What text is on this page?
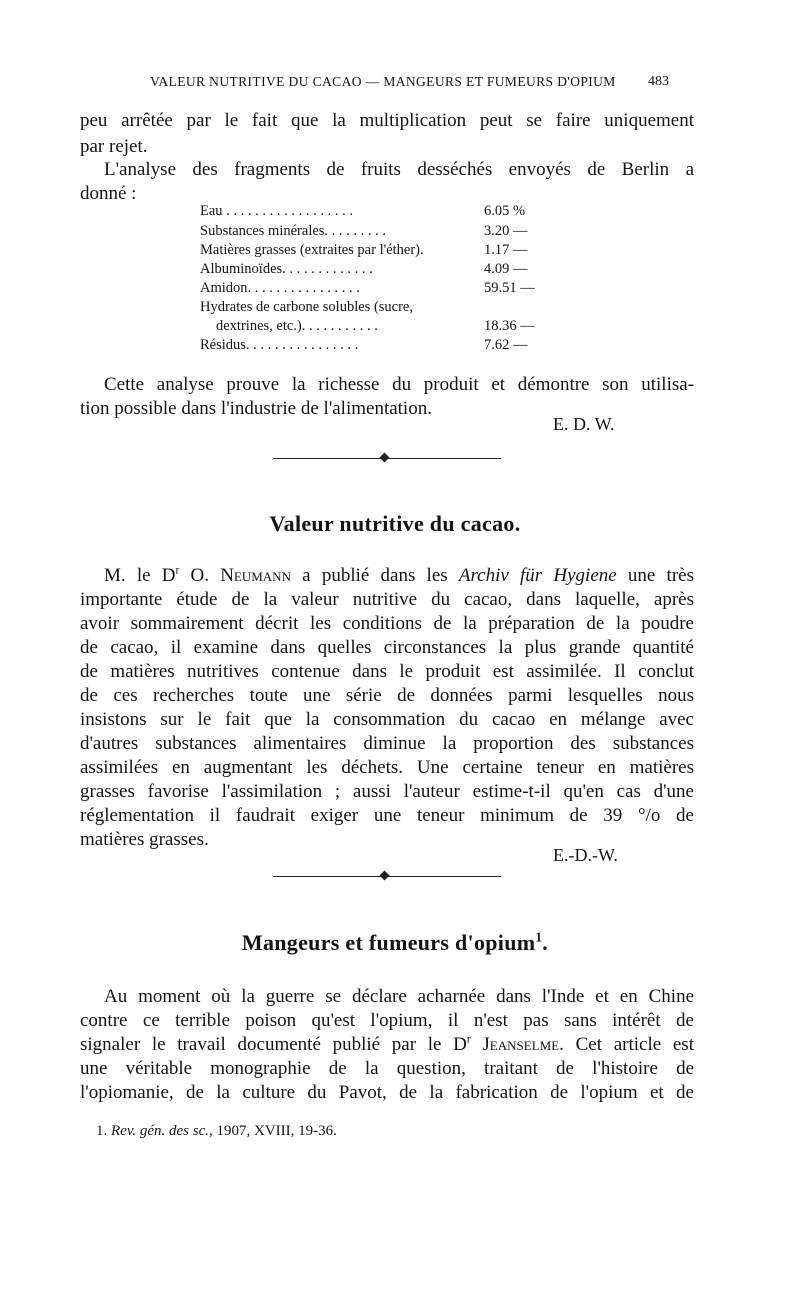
VALEUR NUTRITIVE DU CACAO — MANGEURS ET FUMEURS D'OPIUM 483
peu arrêtée par le fait que la multiplication peut se faire uniquement
par rejet.
L'analyse des fragments de fruits desséchés envoyés de Berlin a
donné :
Eau . . . . . . . . . . . . . . . . . .	6.05 %
Substances minérales. . . . . . . . .	3.20 —
Matières grasses (extraites par l'éther).	1.17 —
Albuminoïdes. . . . . . . . . . . . .	4.09 —
Amidon. . . . . . . . . . . . . . . .	59.51 —
Hydrates de carbone solubles (sucre,
dextrines, etc.). . . . . . . . . . .	18.36 —
Résidus. . . . . . . . . . . . . . . .	7.62 —
Cette analyse prouve la richesse du produit et démontre son utilisa-
tion possible dans l'industrie de l'alimentation.
E. D. W.
Valeur nutritive du cacao.
M. le $D^r$ O. Neumann a publié dans les Archiv für Hygiene une très
importante étude de la valeur nutritive du cacao, dans laquelle, après
avoir sommairement décrit les conditions de la préparation de la poudre
de cacao, il examine dans quelles circonstances la plus grande quantité
de matières nutritives contenue dans le produit est assimilée. Il conclut
de ces recherches toute une série de données parmi lesquelles nous
insistons sur le fait que la consommation du cacao en mélange avec
d'autres substances alimentaires diminue la proportion des substances
assimilées en augmentant les déchets. Une certaine teneur en matières
grasses favorise l'assimilation ; aussi l'auteur estime-t-il qu'en cas d'une
réglementation il faudrait exiger une teneur minimum de 39 °/o de
matières grasses.
E.-D.-W.
Mangeurs et fumeurs d'opium$^1$.
Au moment où la guerre se déclare acharnée dans l'Inde et en Chine
contre ce terrible poison qu'est l'opium, il n'est pas sans intérêt de
signaler le travail documenté publié par le $D^r$ Jeanselme. Cet article est
une véritable monographie de la question, traitant de l'histoire de
l'opiomanie, de la culture du Pavot, de la fabrication de l'opium et de
1. Rev. gén. des sc., 1907, XVIII, 19-36.
